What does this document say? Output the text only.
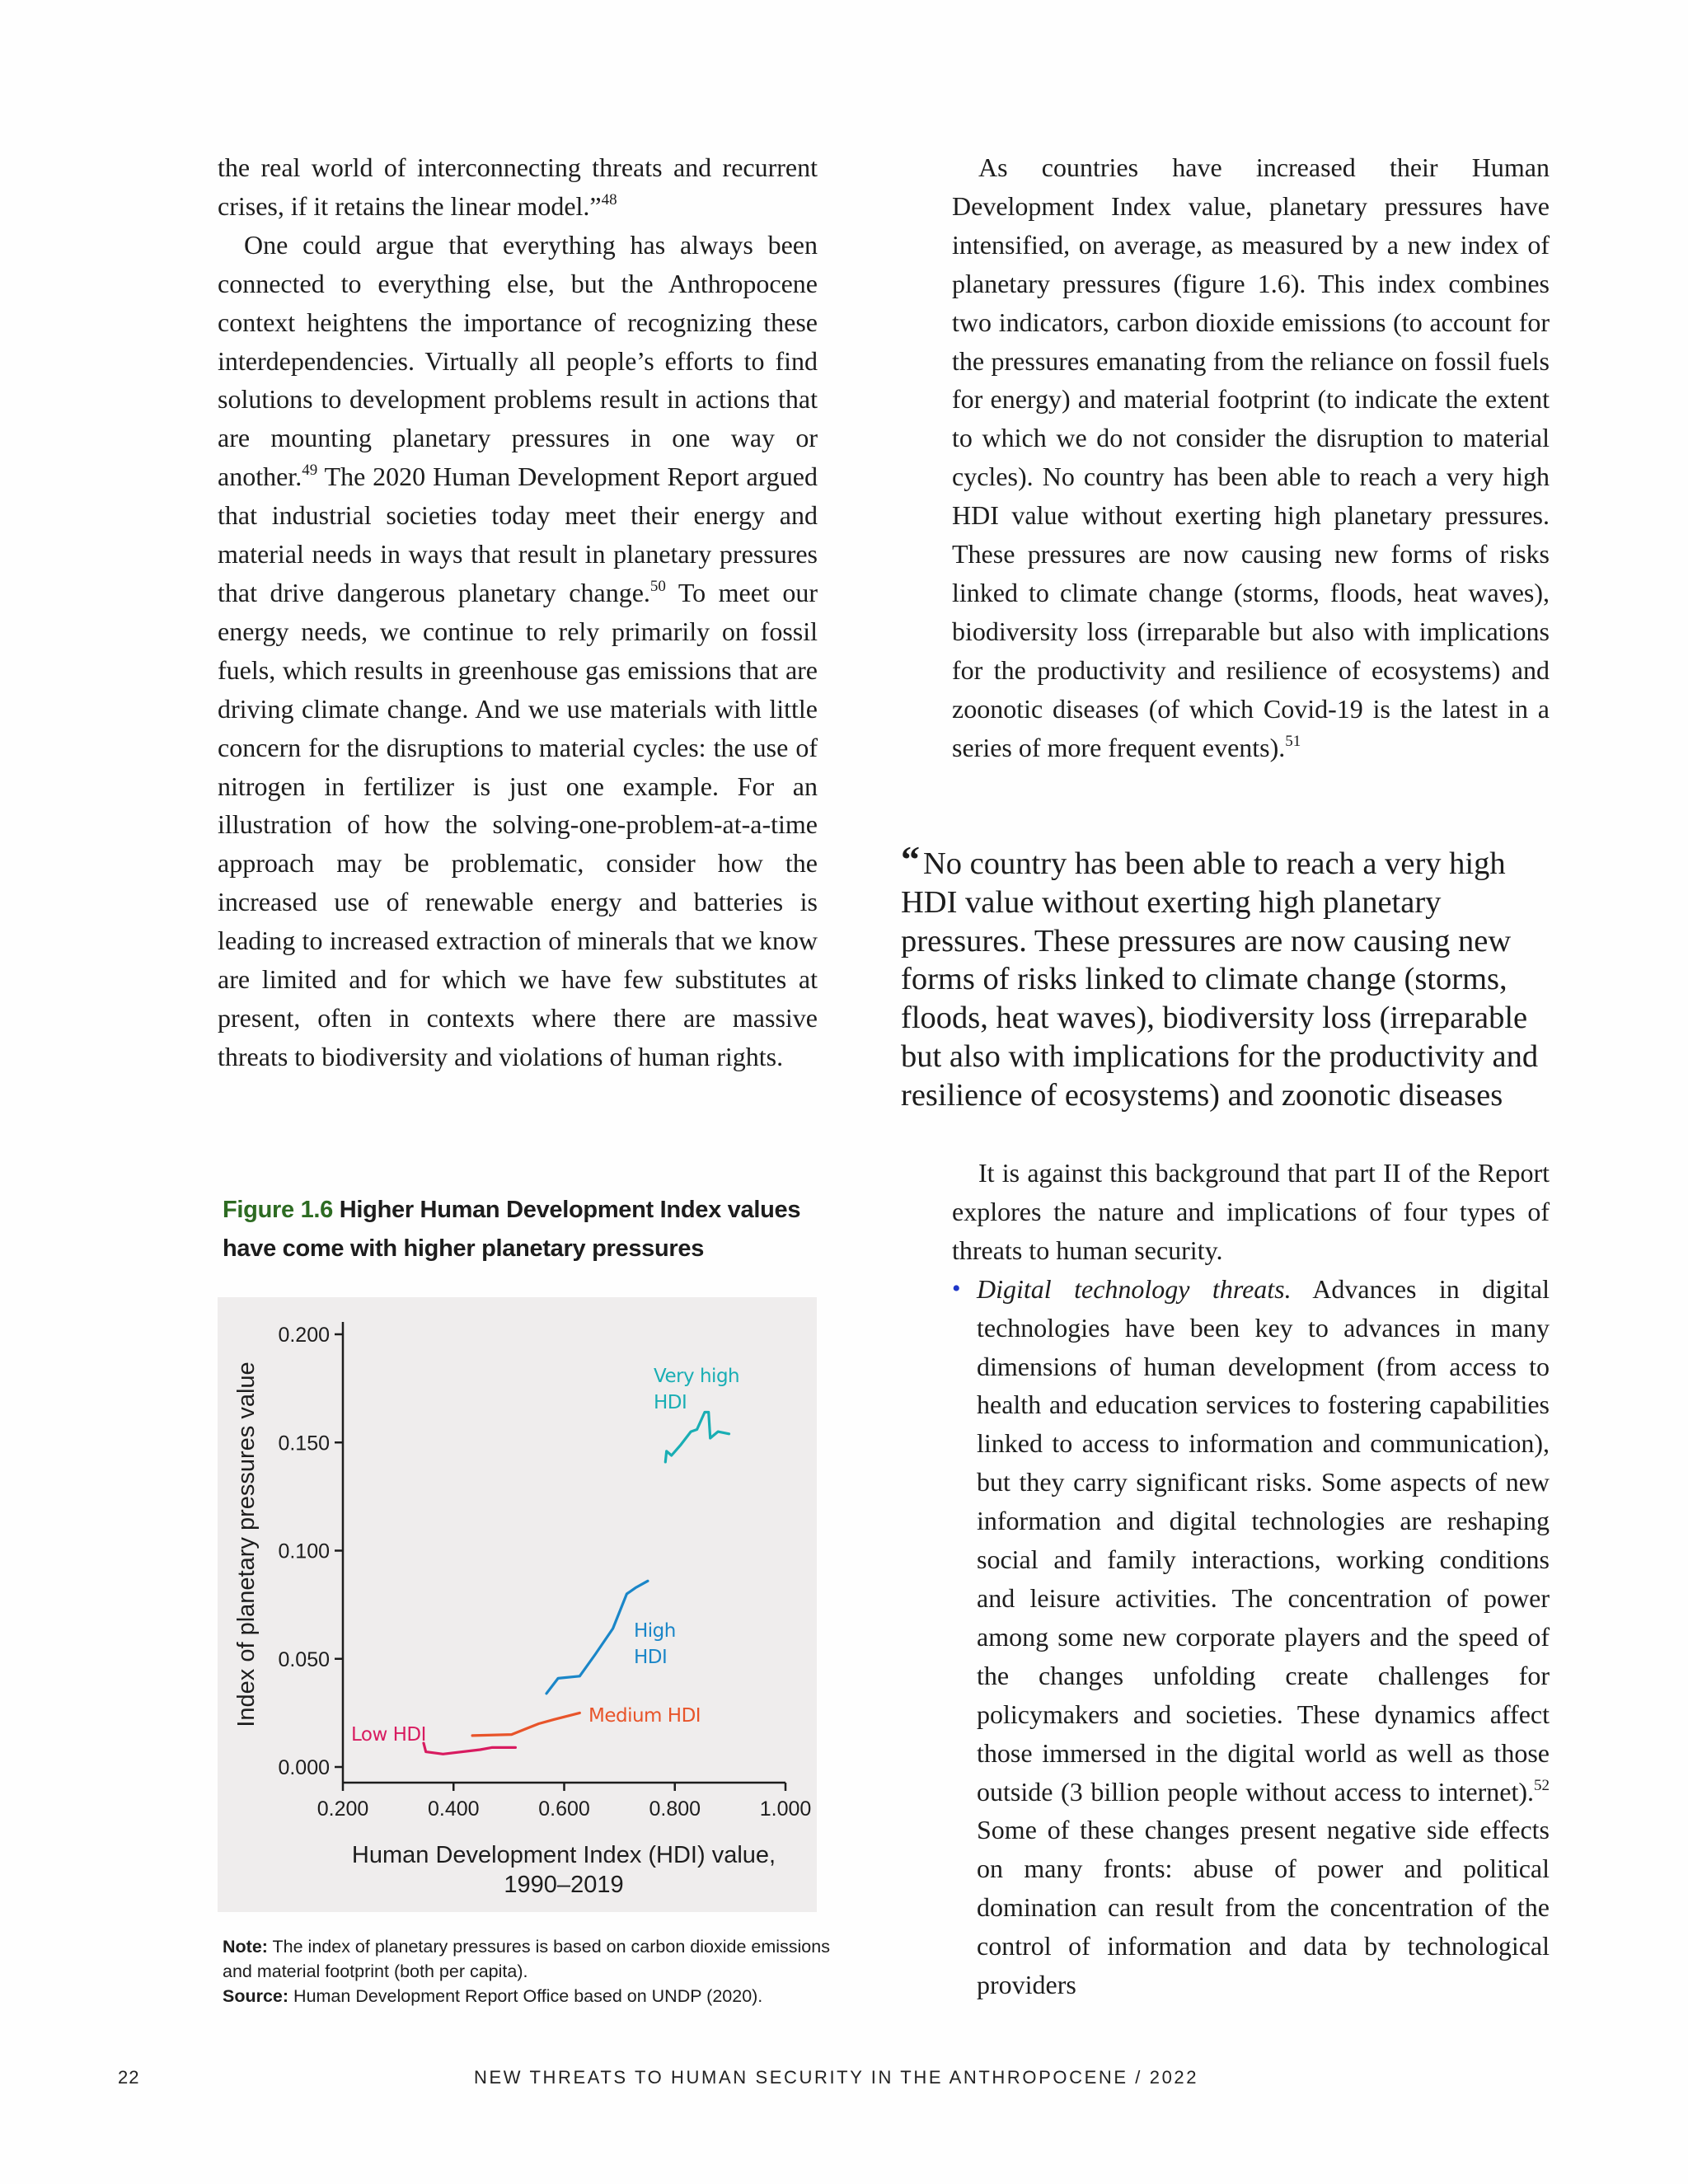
the real world of interconnecting threats and recurrent crises, if it retains the linear model.”$^{48}$

One could argue that everything has always been connected to everything else, but the Anthropocene context heightens the importance of recognizing these interdependencies. Virtually all people’s efforts to find solutions to development problems result in actions that are mounting planetary pressures in one way or another.$^{49}$ The 2020 Human Development Report argued that industrial societies today meet their energy and material needs in ways that result in planetary pressures that drive dangerous planetary change.$^{50}$ To meet our energy needs, we continue to rely primarily on fossil fuels, which results in greenhouse gas emissions that are driving climate change. And we use materials with little concern for the disruptions to material cycles: the use of nitrogen in fertilizer is just one example. For an illustration of how the solving-one-problem-at-a-time approach may be problematic, consider how the increased use of renewable energy and batteries is leading to increased extraction of minerals that we know are limited and for which we have few substitutes at present, often in contexts where there are massive threats to biodiversity and violations of human rights.

As countries have increased their Human Development Index value, planetary pressures have intensified, on average, as measured by a new index of planetary pressures (figure 1.6). This index combines two indicators, carbon dioxide emissions (to account for the pressures emanating from the reliance on fossil fuels for energy) and material footprint (to indicate the extent to which we do not consider the disruption to material cycles). No country has been able to reach a very high HDI value without exerting high planetary pressures. These pressures are now causing new forms of risks linked to climate change (storms, floods, heat waves), biodiversity loss (irreparable but also with implications for the productivity and resilience of ecosystems) and zoonotic diseases (of which Covid-19 is the latest in a series of more frequent events).$^{51}$

“ No country has been able to reach a very high HDI value without exerting high planetary pressures. These pressures are now causing new forms of risks linked to climate change (storms, floods, heat waves), biodiversity loss (irreparable but also with implications for the productivity and resilience of ecosystems) and zoonotic diseases

It is against this background that part II of the Report explores the nature and implications of four types of threats to human security.

• Digital technology threats. Advances in digital technologies have been key to advances in many dimensions of human development (from access to health and education services to fostering capabilities linked to access to information and communication), but they carry significant risks. Some aspects of new information and digital technologies are reshaping social and family interactions, working conditions and leisure activities. The concentration of power among some new corporate players and the speed of the changes unfolding create challenges for policymakers and societies. These dynamics affect those immersed in the digital world as well as those outside (3 billion people without access to internet).$^{52}$ Some of these changes present negative side effects on many fronts: abuse of power and political domination can result from the concentration of the control of information and data by technological providers
Figure 1.6 Higher Human Development Index values have come with higher planetary pressures
0.000
0.050
0.100
0.150
0.200
0.200	0.400	0.600	0.800	1.000
Human Development Index (HDI) value,
1990–2019
Index of planetary pressures value
Low HDI
Medium HDI
High
HDI
Very high
HDI
Note: The index of planetary pressures is based on carbon dioxide emissions and material footprint (both per capita).
Source: Human Development Report Office based on UNDP (2020).
22	NEW THREATS TO HUMAN SECURITY IN THE ANTHROPOCENE / 2022
